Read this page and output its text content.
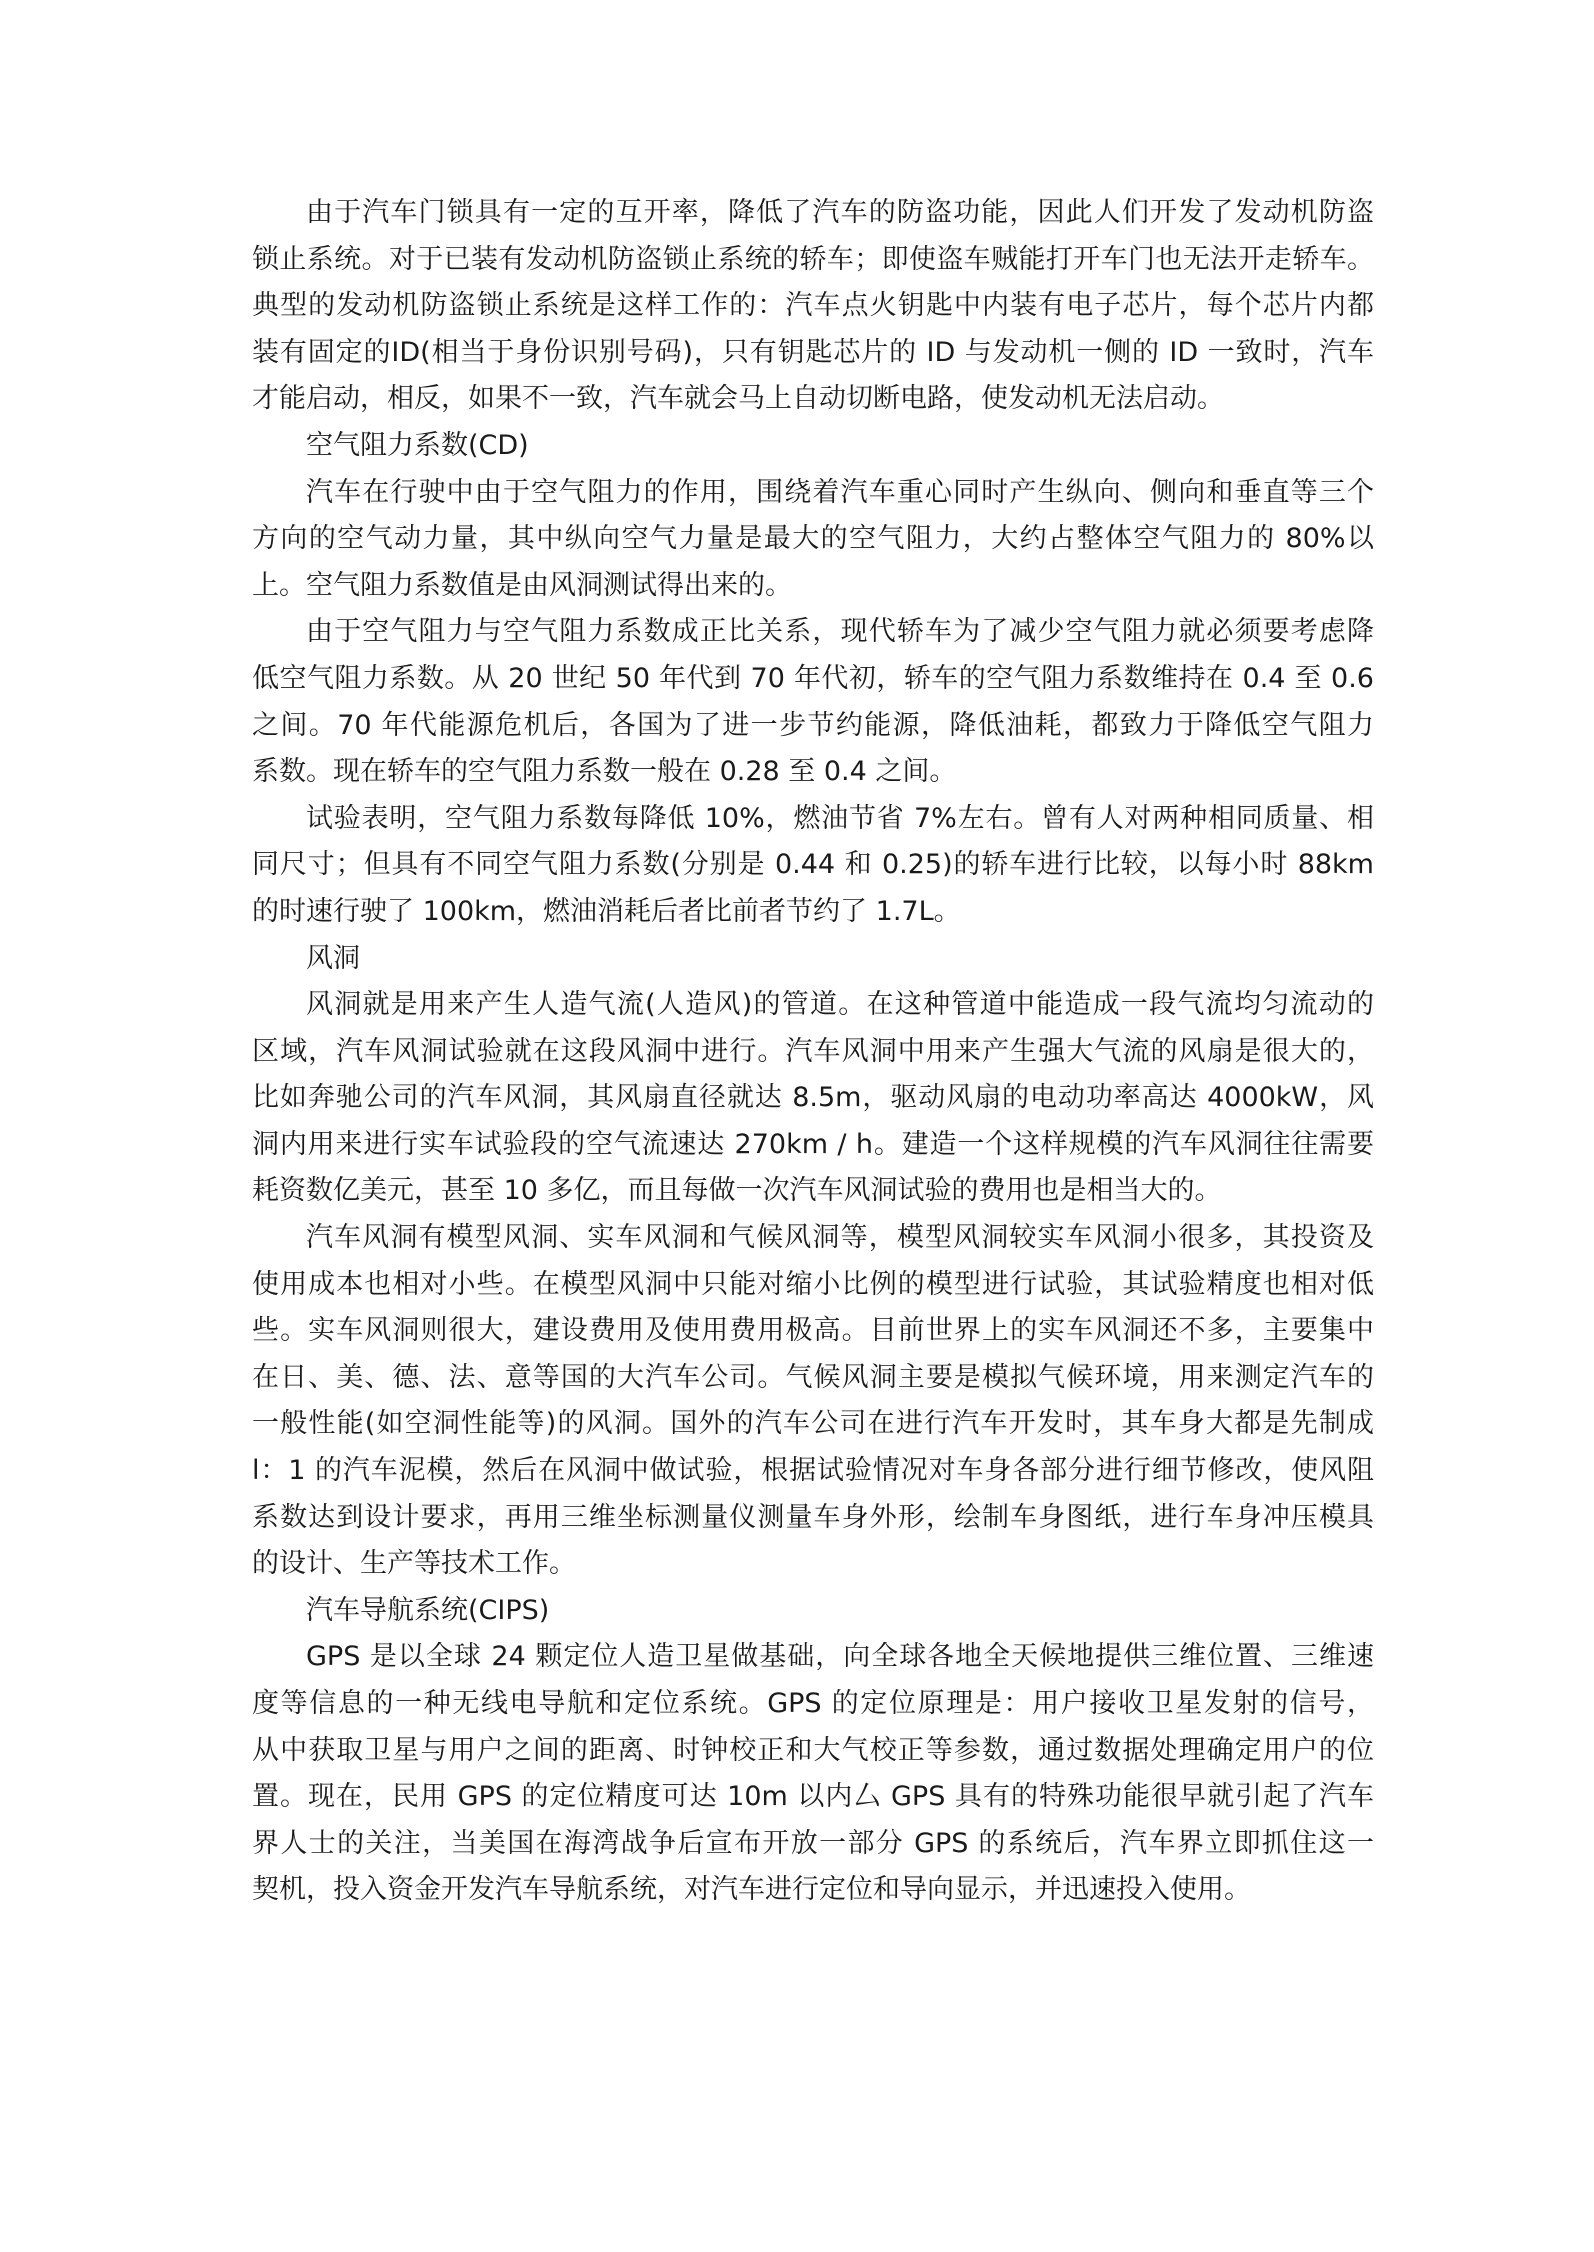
由于汽车门锁具有一定的互开率，降低了汽车的防盗功能，因此人们开发了发动机防盗
锁止系统。对于已装有发动机防盗锁止系统的轿车；即使盗车贼能打开车门也无法开走轿车。
典型的发动机防盗锁止系统是这样工作的：汽车点火钥匙中内装有电子芯片，每个芯片内都
装有固定的ID(相当于身份识别号码)，只有钥匙芯片的 ID 与发动机一侧的 ID 一致时，汽车
才能启动，相反，如果不一致，汽车就会马上自动切断电路，使发动机无法启动。
空气阻力系数(CD)
汽车在行驶中由于空气阻力的作用，围绕着汽车重心同时产生纵向、侧向和垂直等三个
方向的空气动力量，其中纵向空气力量是最大的空气阻力，大约占整体空气阻力的 80%以
上。空气阻力系数值是由风洞测试得出来的。
由于空气阻力与空气阻力系数成正比关系，现代轿车为了减少空气阻力就必须要考虑降
低空气阻力系数。从 20 世纪 50 年代到 70 年代初，轿车的空气阻力系数维持在 0.4 至 0.6
之间。70 年代能源危机后，各国为了进一步节约能源，降低油耗，都致力于降低空气阻力
系数。现在轿车的空气阻力系数一般在 0.28 至 0.4 之间。
试验表明，空气阻力系数每降低 10%，燃油节省 7%左右。曾有人对两种相同质量、相
同尺寸；但具有不同空气阻力系数(分别是 0.44 和 0.25)的轿车进行比较，以每小时 88km
的时速行驶了 100km，燃油消耗后者比前者节约了 1.7L。
风洞
风洞就是用来产生人造气流(人造风)的管道。在这种管道中能造成一段气流均匀流动的
区域，汽车风洞试验就在这段风洞中进行。汽车风洞中用来产生强大气流的风扇是很大的，
比如奔驰公司的汽车风洞，其风扇直径就达 8.5m，驱动风扇的电动功率高达 4000kW，风
洞内用来进行实车试验段的空气流速达 270km / h。建造一个这样规模的汽车风洞往往需要
耗资数亿美元，甚至 10 多亿，而且每做一次汽车风洞试验的费用也是相当大的。
汽车风洞有模型风洞、实车风洞和气候风洞等，模型风洞较实车风洞小很多，其投资及
使用成本也相对小些。在模型风洞中只能对缩小比例的模型进行试验，其试验精度也相对低
些。实车风洞则很大，建设费用及使用费用极高。目前世界上的实车风洞还不多，主要集中
在日、美、德、法、意等国的大汽车公司。气候风洞主要是模拟气候环境，用来测定汽车的
一般性能(如空洞性能等)的风洞。国外的汽车公司在进行汽车开发时，其车身大都是先制成
l：1 的汽车泥模，然后在风洞中做试验，根据试验情况对车身各部分进行细节修改，使风阻
系数达到设计要求，再用三维坐标测量仪测量车身外形，绘制车身图纸，进行车身冲压模具
的设计、生产等技术工作。
汽车导航系统(CIPS)
GPS 是以全球 24 颗定位人造卫星做基础，向全球各地全天候地提供三维位置、三维速
度等信息的一种无线电导航和定位系统。GPS 的定位原理是：用户接收卫星发射的信号，
从中获取卫星与用户之间的距离、时钟校正和大气校正等参数，通过数据处理确定用户的位
置。现在，民用 GPS 的定位精度可达 10m 以内厶 GPS 具有的特殊功能很早就引起了汽车
界人士的关注，当美国在海湾战争后宣布开放一部分 GPS 的系统后，汽车界立即抓住这一
契机，投入资金开发汽车导航系统，对汽车进行定位和导向显示，并迅速投入使用。
